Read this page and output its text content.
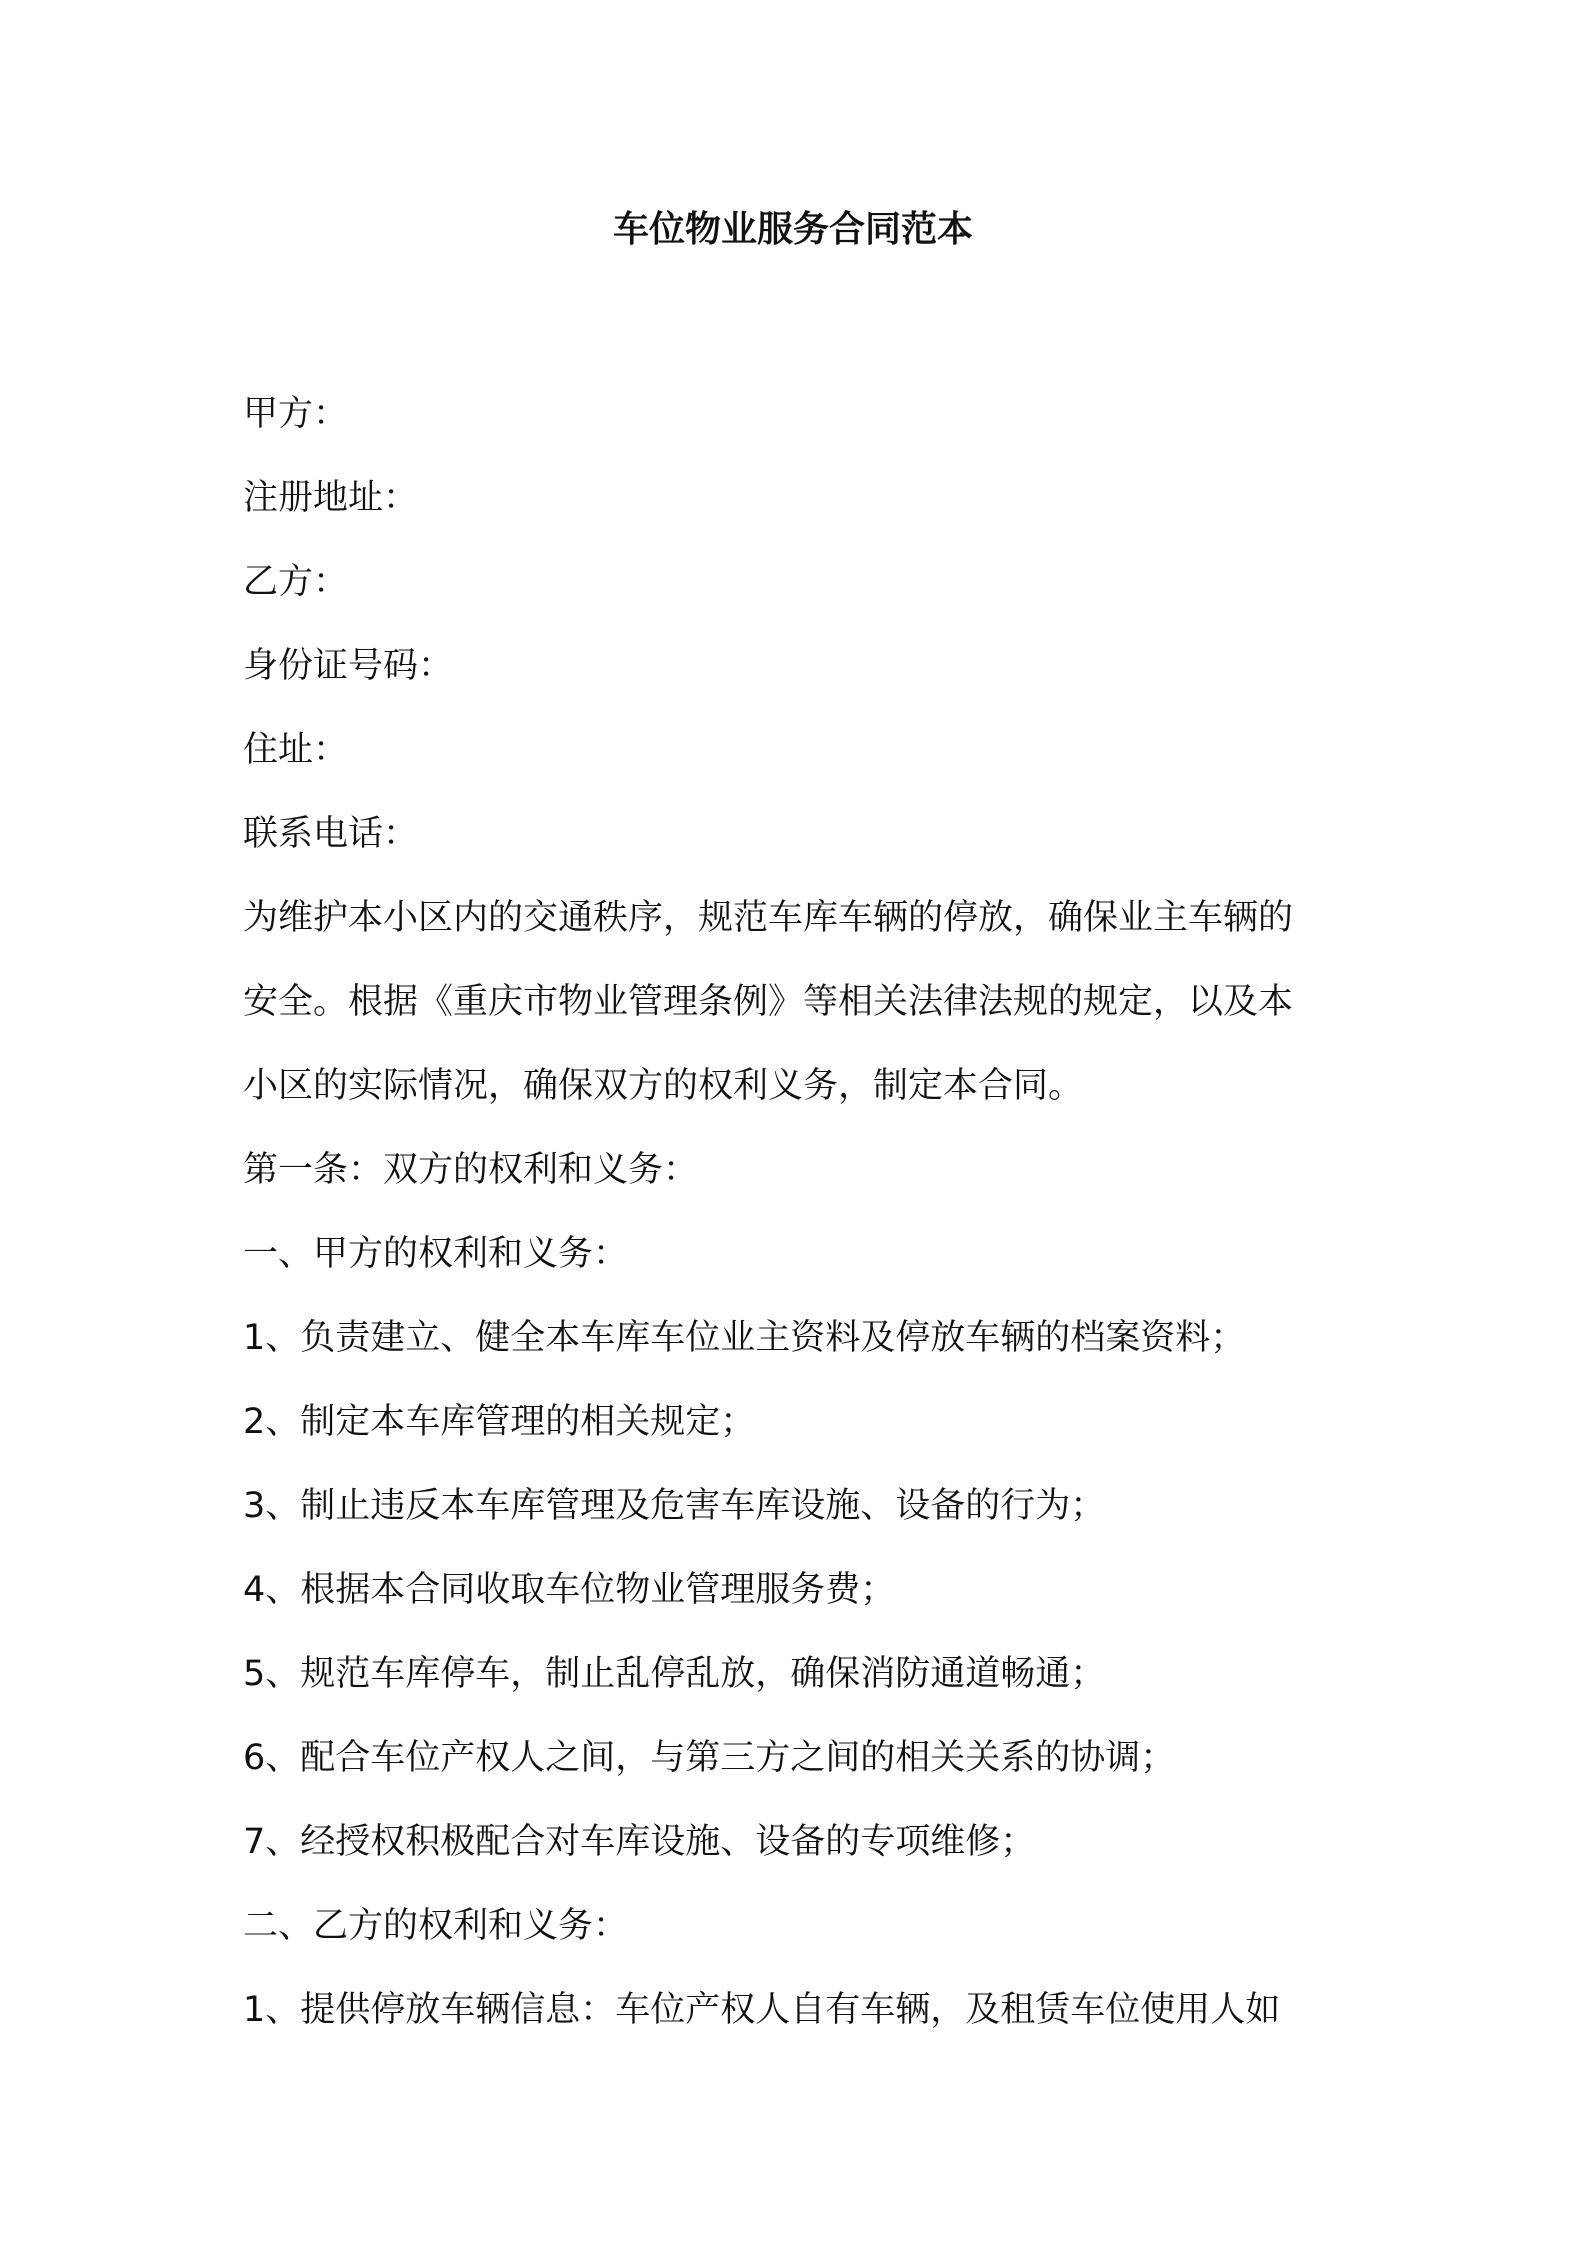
车位物业服务合同范本

甲方：

注册地址：

乙方：

身份证号码：

住址：

联系电话：

为维护本小区内的交通秩序，规范车库车辆的停放，确保业主车辆的

安全。根据《重庆市物业管理条例》等相关法律法规的规定，以及本

小区的实际情况，确保双方的权利义务，制定本合同。

第一条：双方的权利和义务：

一、甲方的权利和义务：

1、负责建立、健全本车库车位业主资料及停放车辆的档案资料；

2、制定本车库管理的相关规定；

3、制止违反本车库管理及危害车库设施、设备的行为；

4、根据本合同收取车位物业管理服务费；

5、规范车库停车，制止乱停乱放，确保消防通道畅通；

6、配合车位产权人之间，与第三方之间的相关关系的协调；

7、经授权积极配合对车库设施、设备的专项维修；

二、乙方的权利和义务：

1、提供停放车辆信息：车位产权人自有车辆，及租赁车位使用人如
